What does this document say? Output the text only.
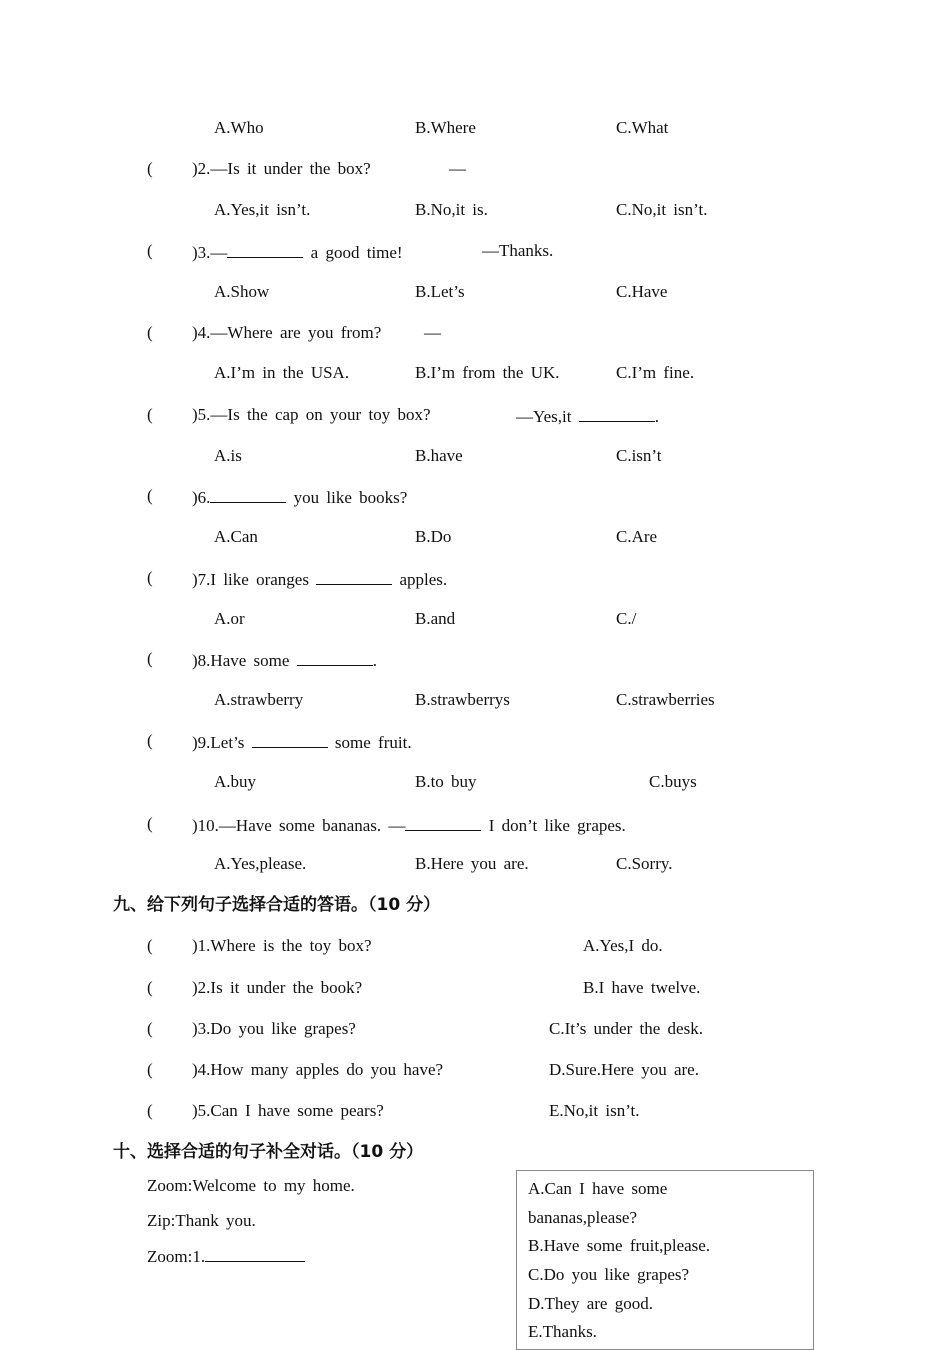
A.Who	B.Where	C.What
( )2.—Is it under the box?	—
A.Yes,it isn’t.	B.No,it is.	C.No,it isn’t.
( )3.—	a good time!	—Thanks.
A.Show	B.Let’s	C.Have
( )4.—Where are you from?	—
A.I’m in the USA.	B.I’m from the UK.	C.I’m fine.
( )5.—Is the cap on your toy box?	—Yes,it	.
A.is	B.have	C.isn’t
( )6.	you like books?
A.Can	B.Do	C.Are
( )7.I like oranges	apples.
A.or	B.and	C./
( )8.Have some	.
A.strawberry	B.strawberrys	C.strawberries
( )9.Let’s	some fruit.
A.buy	B.to buy	C.buys
( )10.—Have some bananas. —	I don’t like grapes.
A.Yes,please.	B.Here you are.	C.Sorry.
九、给下列句子选择合适的答语。（10 分）
( )1.Where is the toy box?	A.Yes,I do.
( )2.Is it under the book?	B.I have twelve.
( )3.Do you like grapes?	C.It’s under the desk.
( )4.How many apples do you have?	D.Sure.Here you are.
( )5.Can I have some pears?	E.No,it isn’t.
十、选择合适的句子补全对话。（10 分）
Zoom:Welcome to my home.
Zip:Thank you.
Zoom:1.
A.Can I have some
bananas,please?
B.Have some fruit,please.
C.Do you like grapes?
D.They are good.
E.Thanks.
